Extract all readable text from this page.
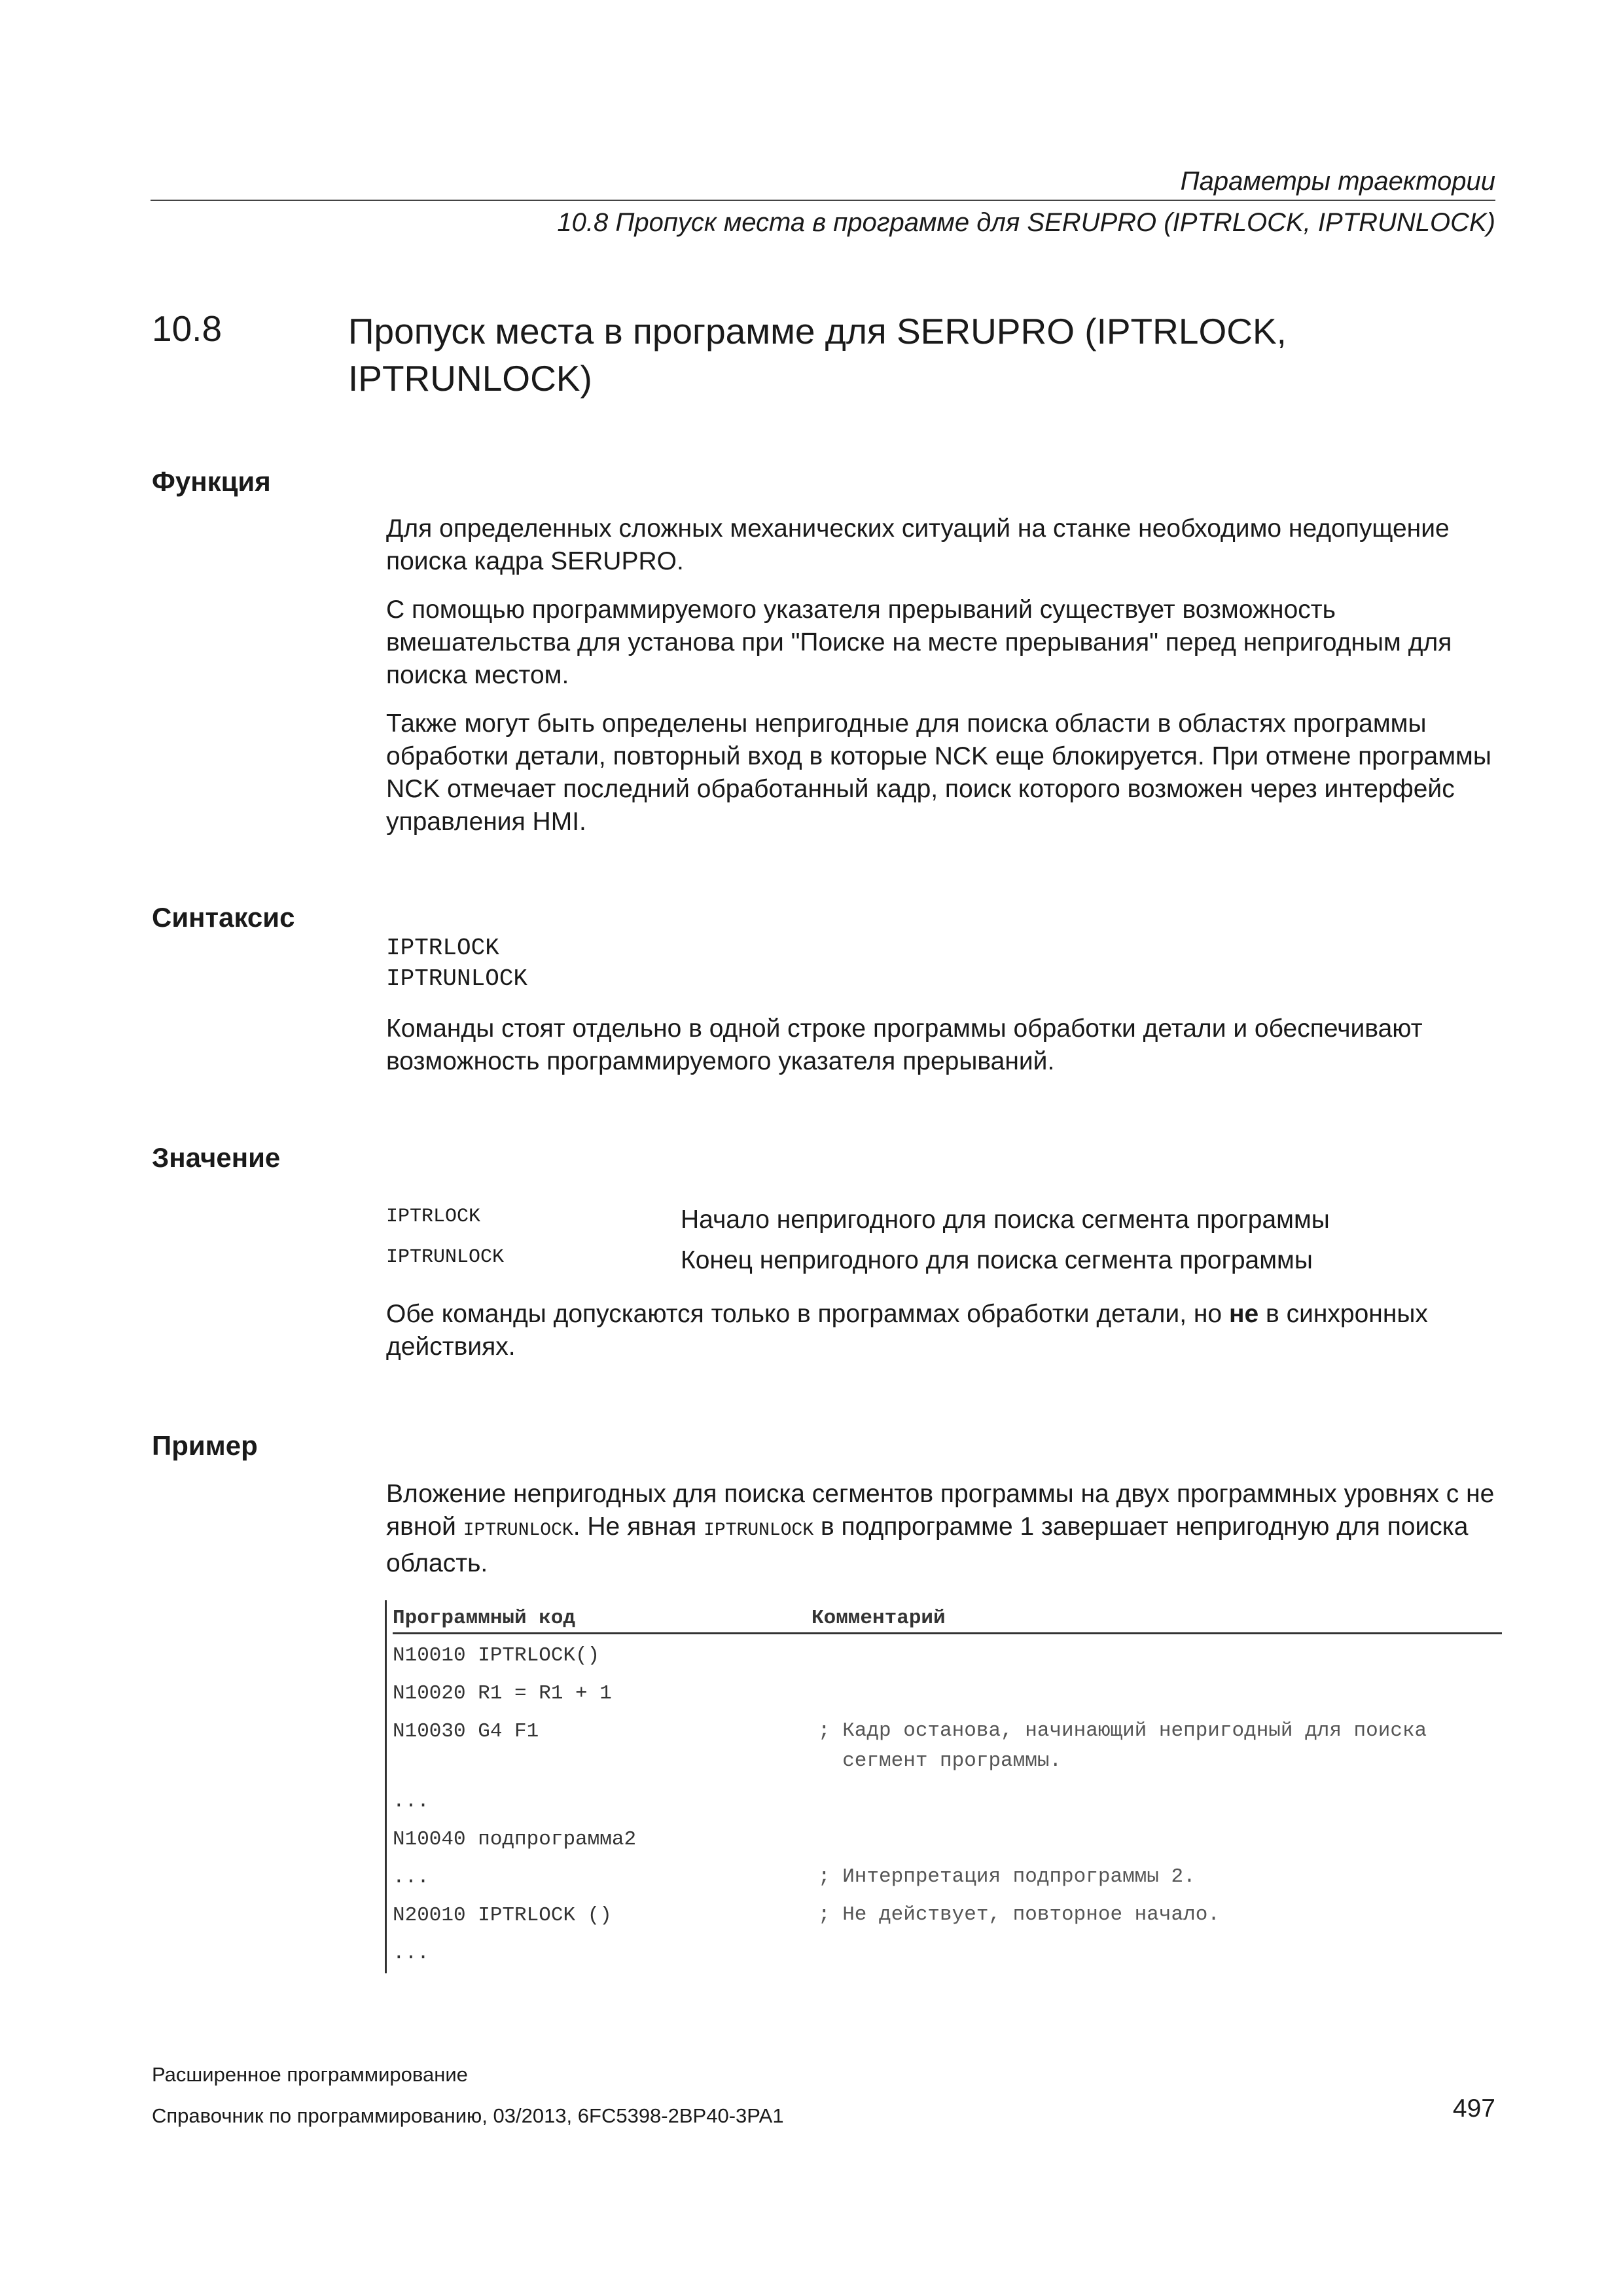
Параметры траектории
10.8 Пропуск места в программе для SERUPRO (IPTRLOCK, IPTRUNLOCK)
10.8	Пропуск места в программе для SERUPRO (IPTRLOCK, IPTRUNLOCK)
Функция

Для определенных сложных механических ситуаций на станке необходимо недопущение поиска кадра SERUPRO.

С помощью программируемого указателя прерываний существует возможность вмешательства для установа при "Поиске на месте прерывания" перед непригодным для поиска местом.

Также могут быть определены непригодные для поиска области в областях программы обработки детали, повторный вход в которые NCK еще блокируется. При отмене программы NCK отмечает последний обработанный кадр, поиск которого возможен через интерфейс управления HMI.

Синтаксис
IPTRLOCK
IPTRUNLOCK
Команды стоят отдельно в одной строке программы обработки детали и обеспечивают возможность программируемого указателя прерываний.
Значение
IPTRLOCK	Начало непригодного для поиска сегмента программы
IPTRUNLOCK	Конец непригодного для поиска сегмента программы
Обе команды допускаются только в программах обработки детали, но не в синхронных действиях.
Пример
Вложение непригодных для поиска сегментов программы на двух программных уровнях с не явной IPTRUNLOCK. Не явная IPTRUNLOCK в подпрограмме 1 завершает непригодную для поиска область.
Программный код	Комментарий
N10010 IPTRLOCK()
N10020 R1 = R1 + 1
N10030 G4 F1	; Кадр останова, начинающий непригодный для поиска
сегмент программы.
...
N10040 подпрограмма2
...	; Интерпретация подпрограммы 2.
N20010 IPTRLOCK ()	; Не действует, повторное начало.
...
Расширенное программирование
Справочник по программированию, 03/2013, 6FC5398-2BP40-3PA1	497
